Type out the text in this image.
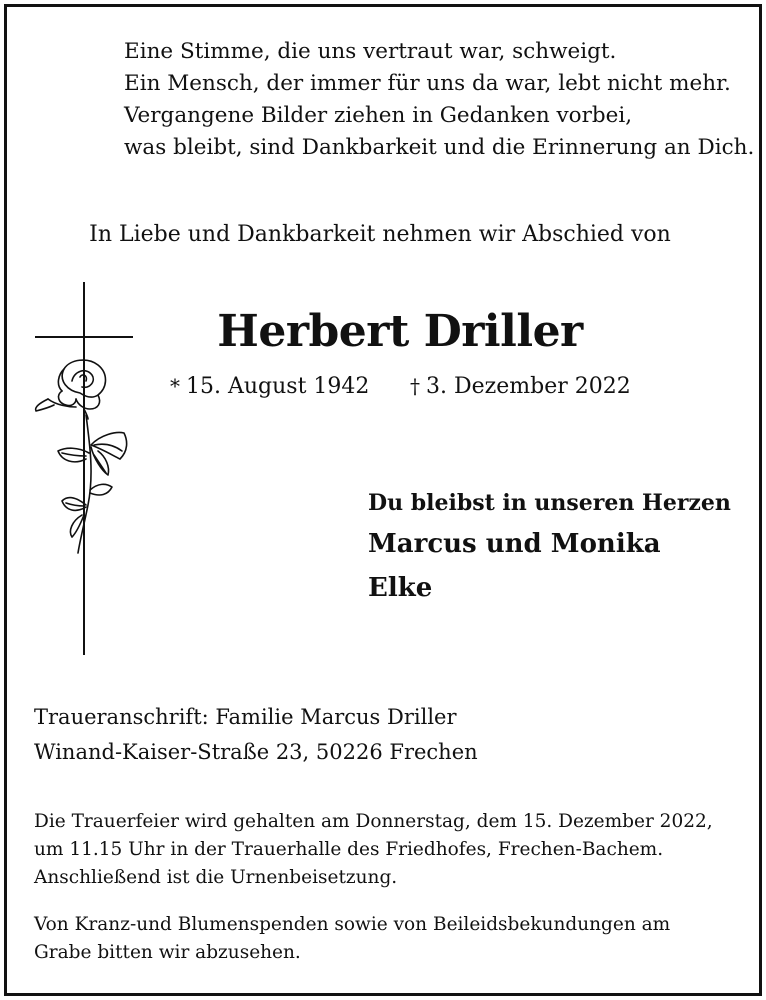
Eine Stimme, die uns vertraut war, schweigt.
Ein Mensch, der immer für uns da war, lebt nicht mehr.
Vergangene Bilder ziehen in Gedanken vorbei,
was bleibt, sind Dankbarkeit und die Erinnerung an Dich.
In Liebe und Dankbarkeit nehmen wir Abschied von
Herbert Driller
* 15. August 1942 † 3. Dezember 2022
Du bleibst in unseren Herzen
Marcus und Monika
Elke
Traueranschrift: Familie Marcus Driller
Winand-Kaiser-Straße 23, 50226 Frechen
Die Trauerfeier wird gehalten am Donnerstag, dem 15. Dezember 2022,
um 11.15 Uhr in der Trauerhalle des Friedhofes, Frechen-Bachem.
Anschließend ist die Urnenbeisetzung.
Von Kranz-und Blumenspenden sowie von Beileidsbekundungen am
Grabe bitten wir abzusehen.
